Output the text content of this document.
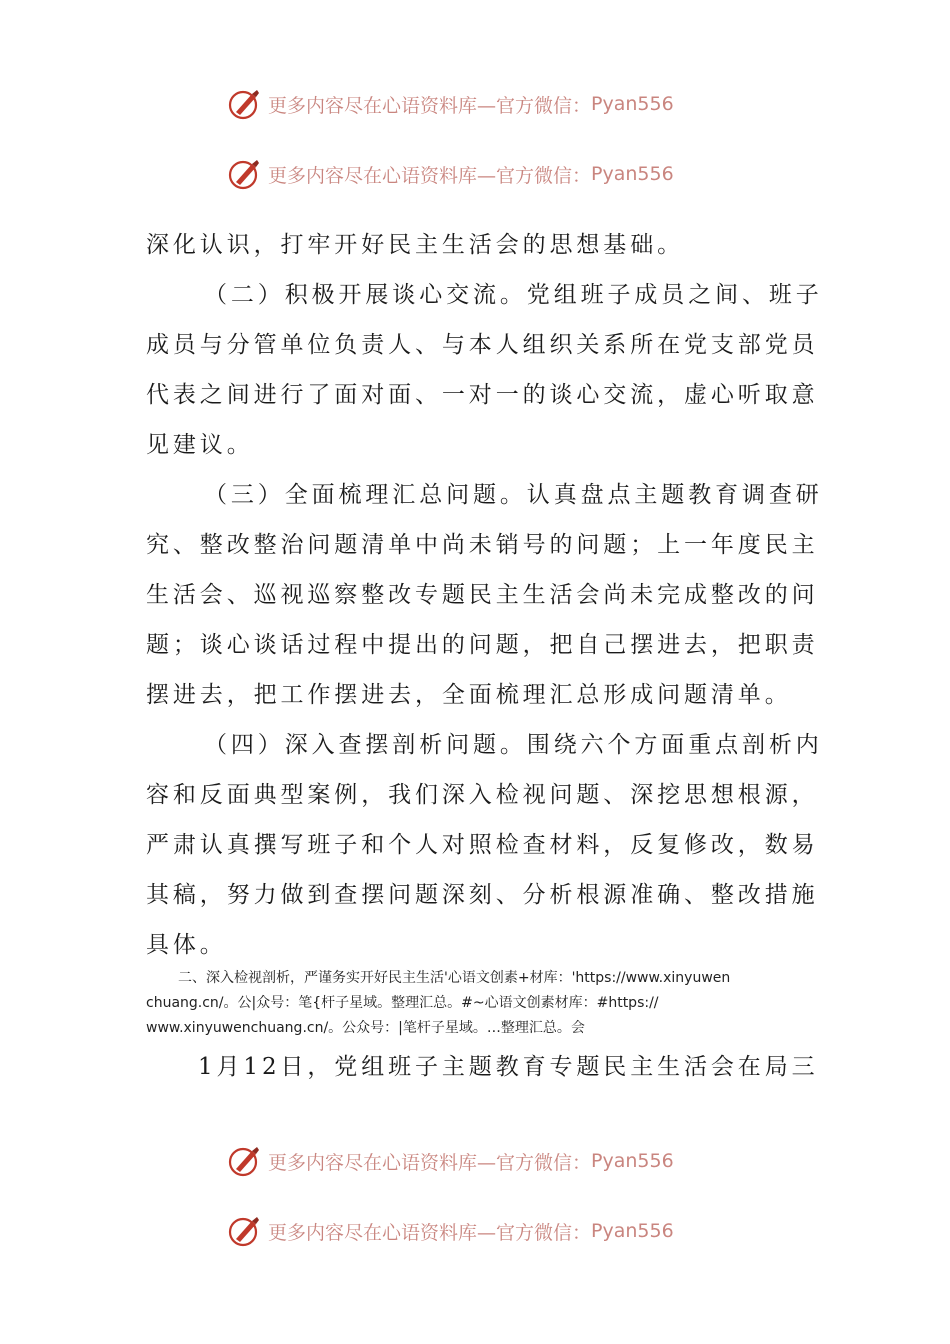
更多内容尽在心语资料库—官方微信： Pyan556
更多内容尽在心语资料库—官方微信： Pyan556
深化认识，打牢开好民主生活会的思想基础。
（二）积极开展谈心交流。党组班子成员之间、班子
成员与分管单位负责人、与本人组织关系所在党支部党员
代表之间进行了面对面、一对一的谈心交流，虚心听取意
见建议。
（三）全面梳理汇总问题。认真盘点主题教育调查研
究、整改整治问题清单中尚未销号的问题；上一年度民主
生活会、巡视巡察整改专题民主生活会尚未完成整改的问
题；谈心谈话过程中提出的问题，把自己摆进去，把职责
摆进去，把工作摆进去，全面梳理汇总形成问题清单。
（四）深入查摆剖析问题。围绕六个方面重点剖析内
容和反面典型案例，我们深入检视问题、深挖思想根源，
严肃认真撰写班子和个人对照检查材料，反复修改，数易
其稿，努力做到查摆问题深刻、分析根源准确、整改措施
具体。
二、深入检视剖析，严谨务实开好民主生活'心语文创素+材库：'https://www.xinyuwen
chuang.cn/。公|众号：笔{杆子星域。整理汇总。#~心语文创素材库：#https://
www.xinyuwenchuang.cn/。公众号：|笔杆子星域。…整理汇总。会
1月12日，党组班子主题教育专题民主生活会在局三
更多内容尽在心语资料库—官方微信： Pyan556
更多内容尽在心语资料库—官方微信： Pyan556
